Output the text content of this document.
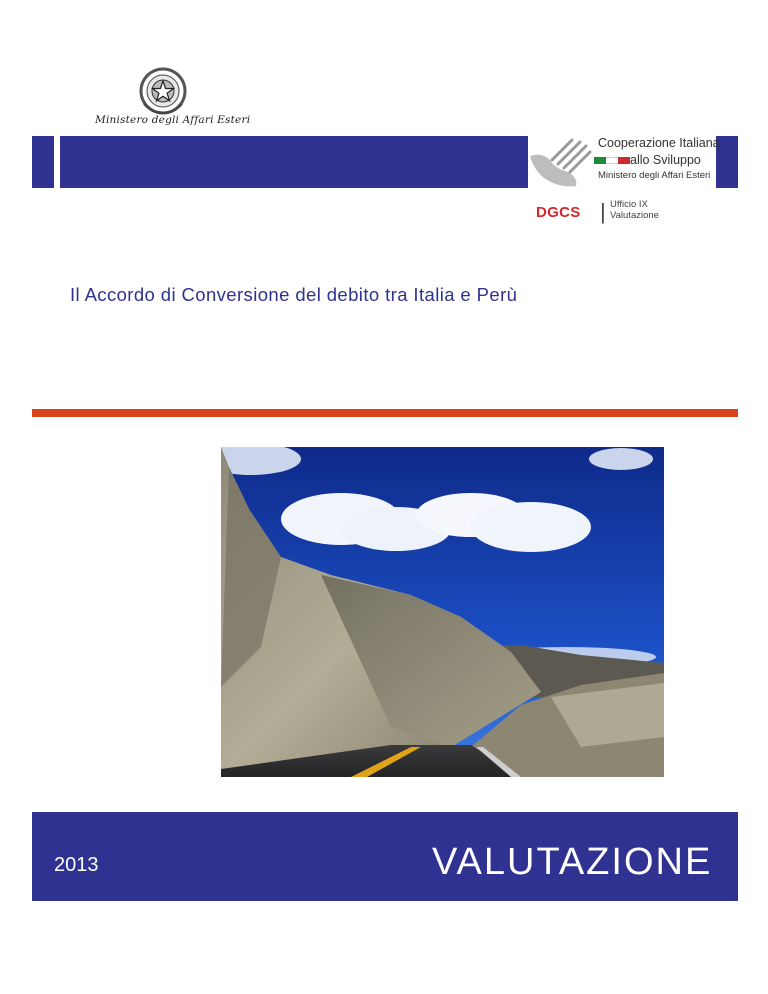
Ministero degli Affari Esteri
Cooperazione Italiana
allo Sviluppo
Ministero degli Affari Esteri
DGCS | Ufficio IX
Valutazione
Il Accordo di Conversione del debito tra Italia e Perù
2013	VALUTAZIONE
